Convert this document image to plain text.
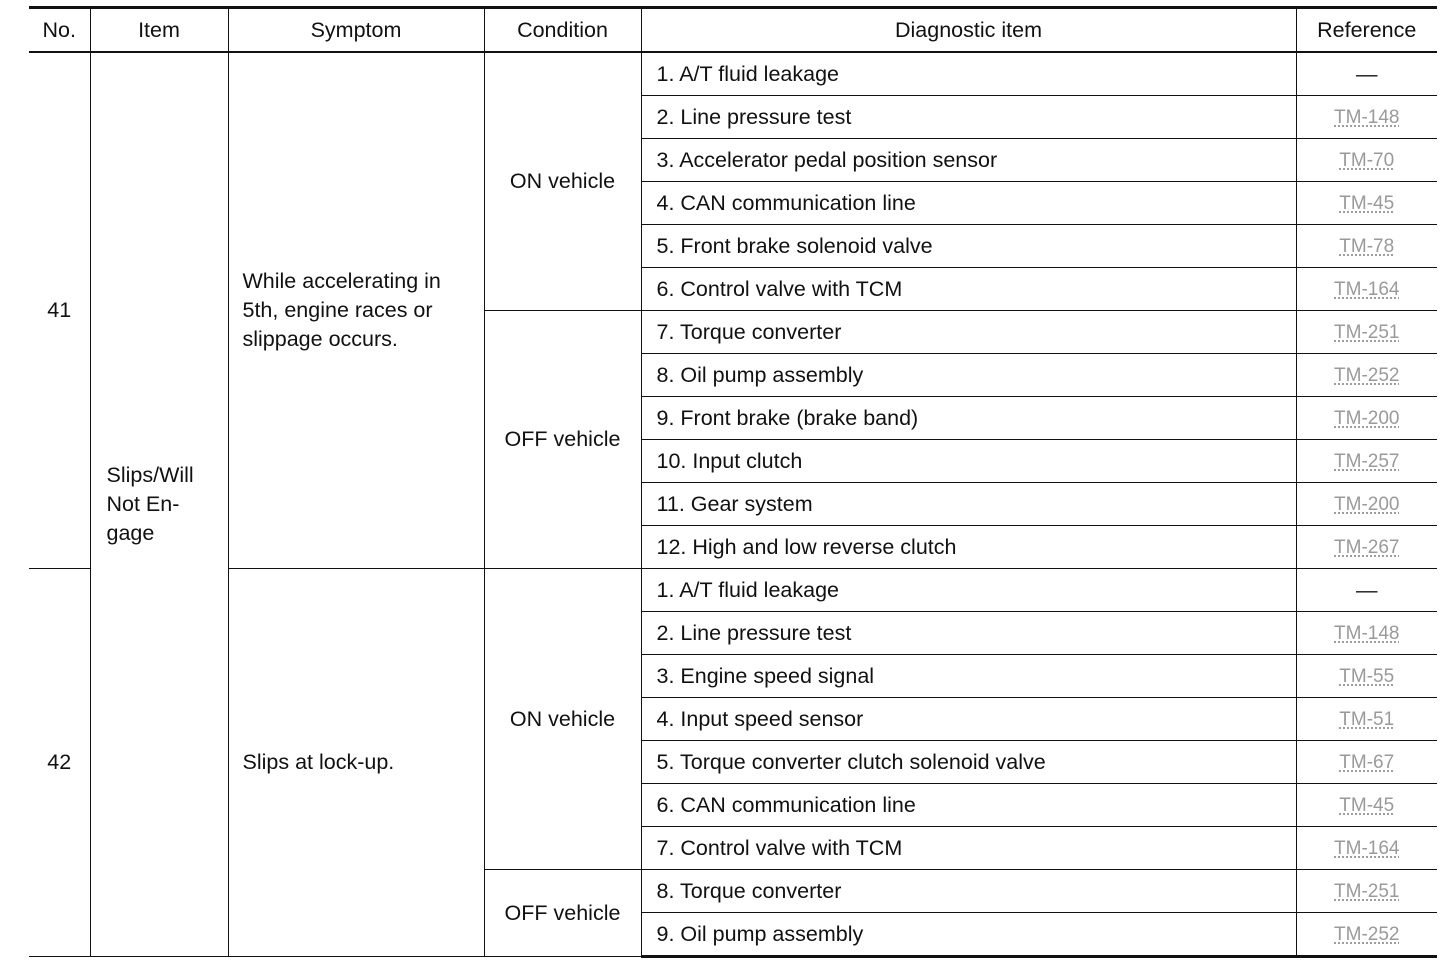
No.	Item	Symptom	Condition	Diagnostic item	Reference
41	Slips/Will Not En-gage	While accelerating in 5th, engine races or slippage occurs.	ON vehicle	1. A/T fluid leakage	—
				2. Line pressure test	TM-148
				3. Accelerator pedal position sensor	TM-70
				4. CAN communication line	TM-45
				5. Front brake solenoid valve	TM-78
				6. Control valve with TCM	TM-164
			OFF vehicle	7. Torque converter	TM-251
				8. Oil pump assembly	TM-252
				9. Front brake (brake band)	TM-200
				10. Input clutch	TM-257
				11. Gear system	TM-200
				12. High and low reverse clutch	TM-267
42		Slips at lock-up.	ON vehicle	1. A/T fluid leakage	—
				2. Line pressure test	TM-148
				3. Engine speed signal	TM-55
				4. Input speed sensor	TM-51
				5. Torque converter clutch solenoid valve	TM-67
				6. CAN communication line	TM-45
				7. Control valve with TCM	TM-164
			OFF vehicle	8. Torque converter	TM-251
				9. Oil pump assembly	TM-252
